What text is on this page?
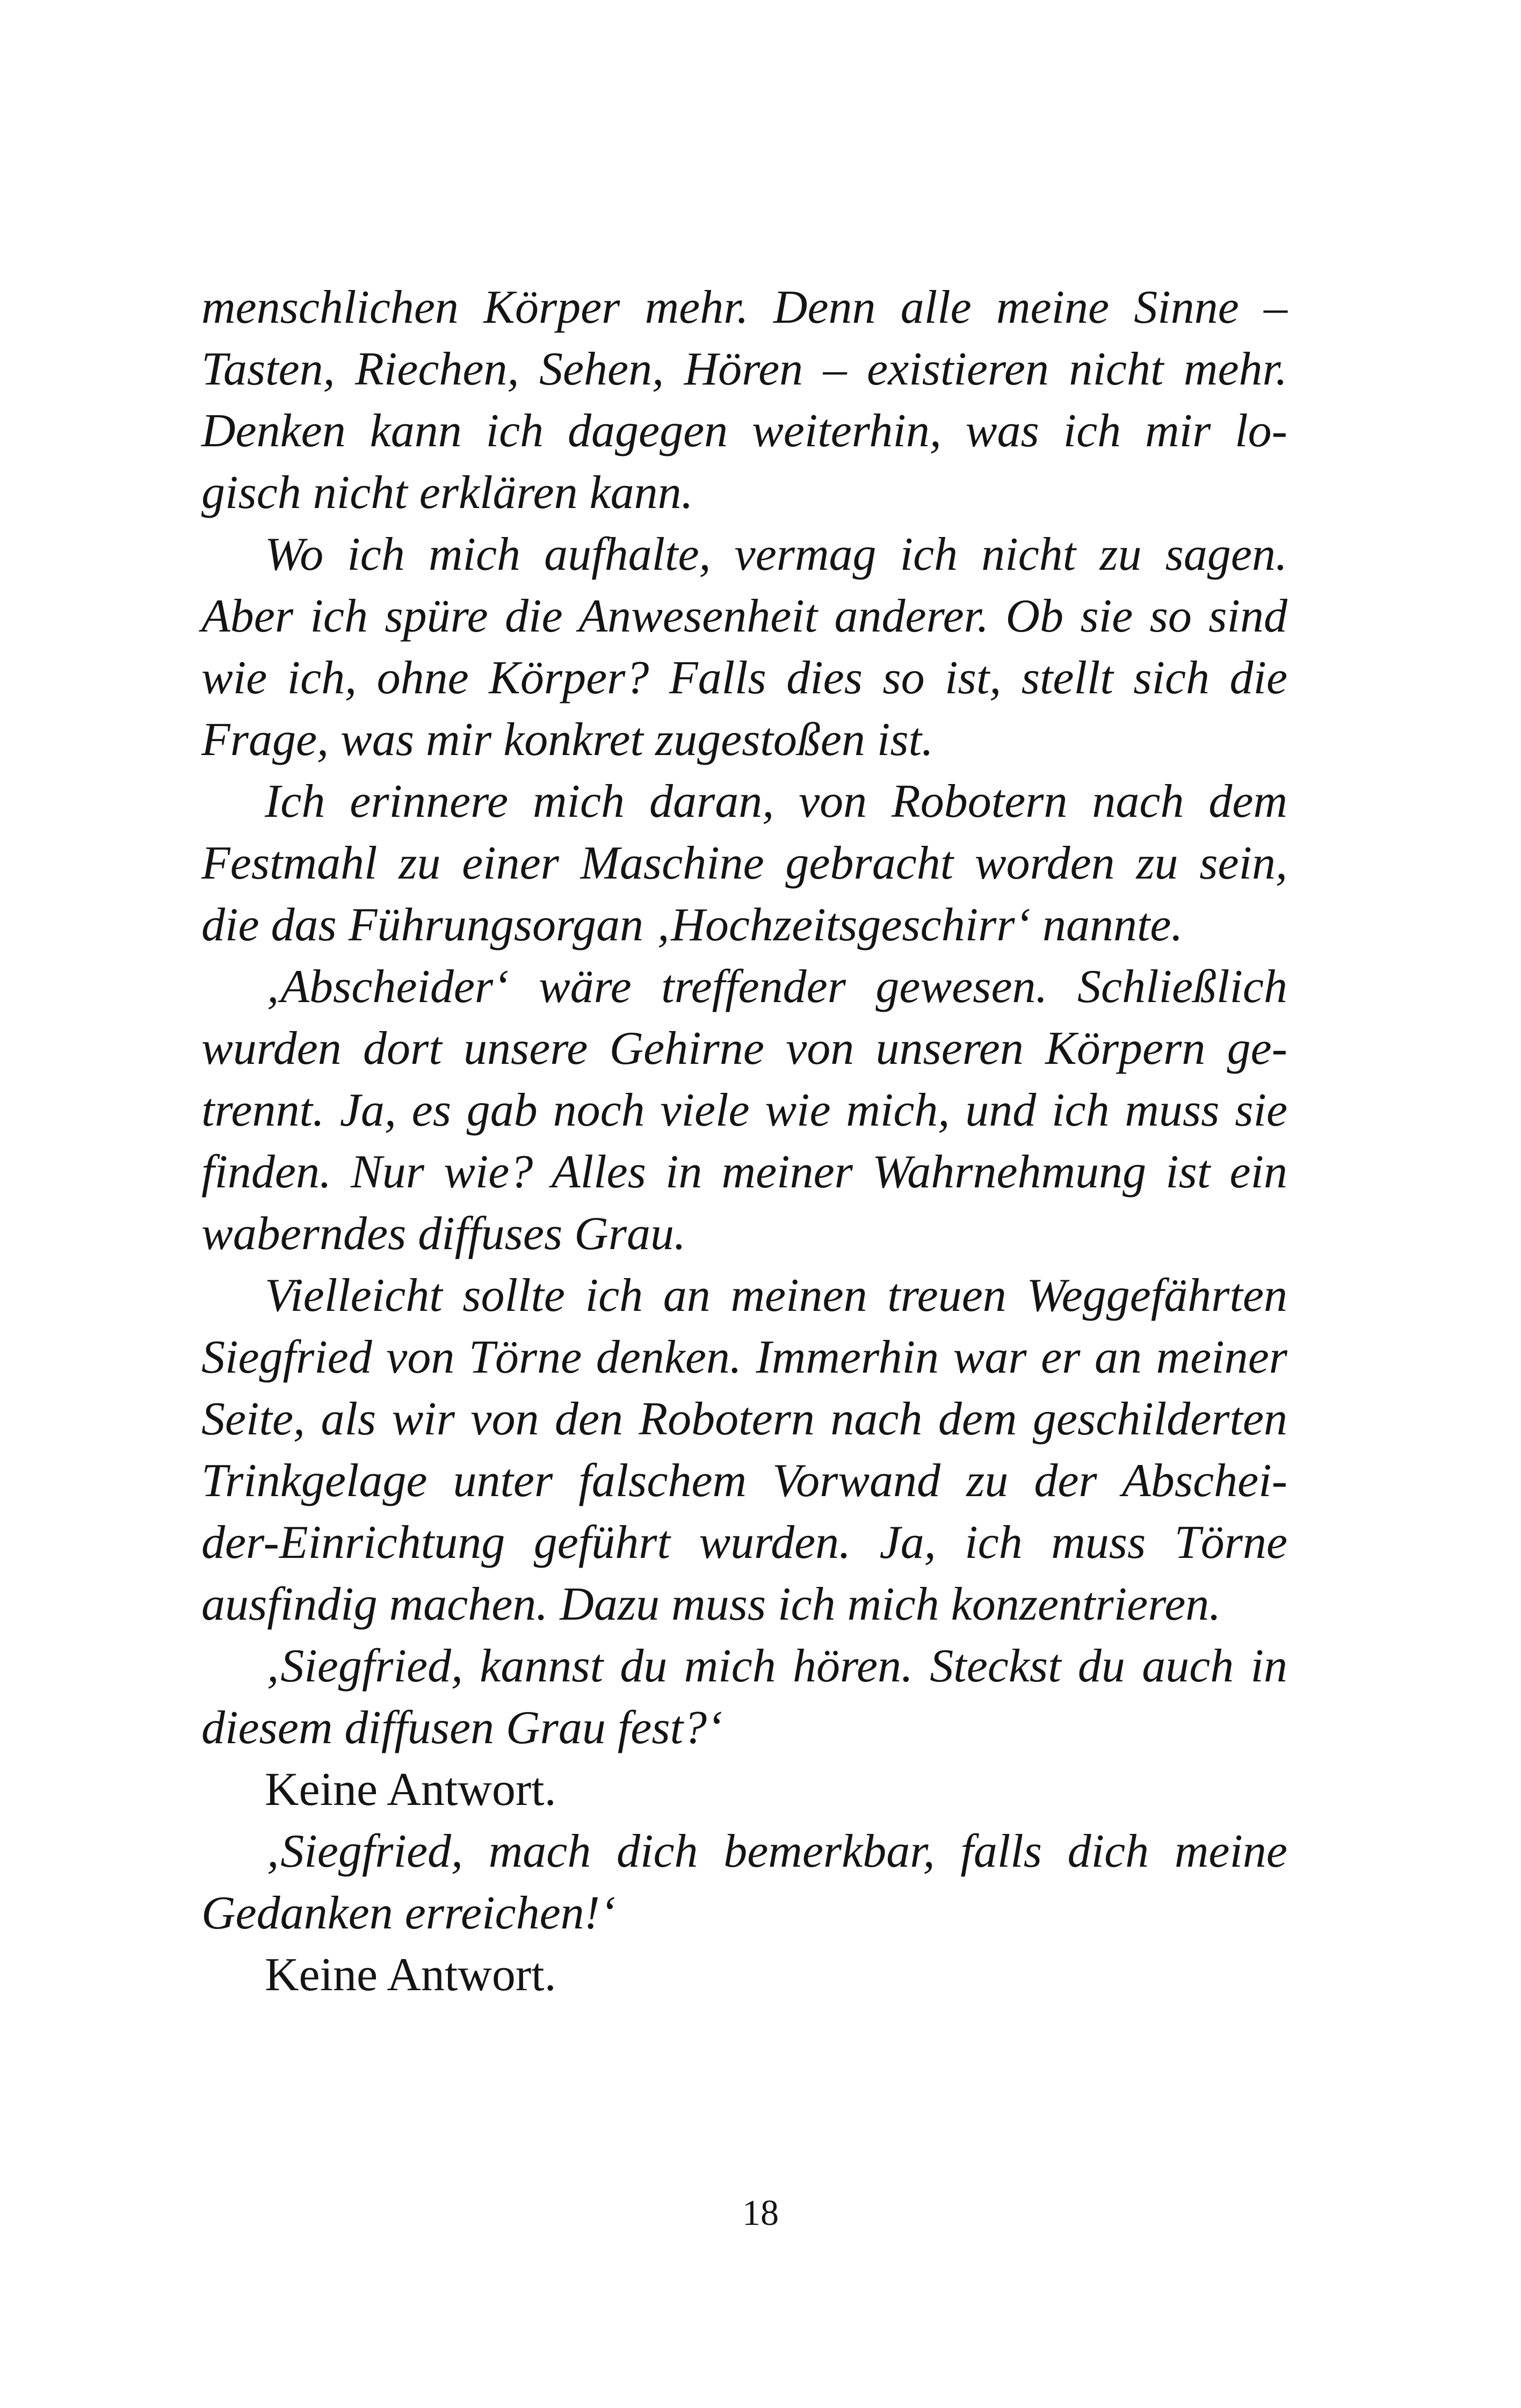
menschlichen Körper mehr. Denn alle meine Sinne –
Tasten, Riechen, Sehen, Hören – existieren nicht mehr.
Denken kann ich dagegen weiterhin, was ich mir lo-
gisch nicht erklären kann.
Wo ich mich aufhalte, vermag ich nicht zu sagen.
Aber ich spüre die Anwesenheit anderer. Ob sie so sind
wie ich, ohne Körper? Falls dies so ist, stellt sich die
Frage, was mir konkret zugestoßen ist.
Ich erinnere mich daran, von Robotern nach dem
Festmahl zu einer Maschine gebracht worden zu sein,
die das Führungsorgan ‚Hochzeitsgeschirr‘ nannte.
‚Abscheider‘ wäre treffender gewesen. Schließlich
wurden dort unsere Gehirne von unseren Körpern ge-
trennt. Ja, es gab noch viele wie mich, und ich muss sie
finden. Nur wie? Alles in meiner Wahrnehmung ist ein
waberndes diffuses Grau.
Vielleicht sollte ich an meinen treuen Weggefährten
Siegfried von Törne denken. Immerhin war er an meiner
Seite, als wir von den Robotern nach dem geschilderten
Trinkgelage unter falschem Vorwand zu der Abschei-
der-Einrichtung geführt wurden. Ja, ich muss Törne
ausfindig machen. Dazu muss ich mich konzentrieren.
‚Siegfried, kannst du mich hören. Steckst du auch in
diesem diffusen Grau fest?‘
Keine Antwort.
‚Siegfried, mach dich bemerkbar, falls dich meine
Gedanken erreichen!‘
Keine Antwort.
18
